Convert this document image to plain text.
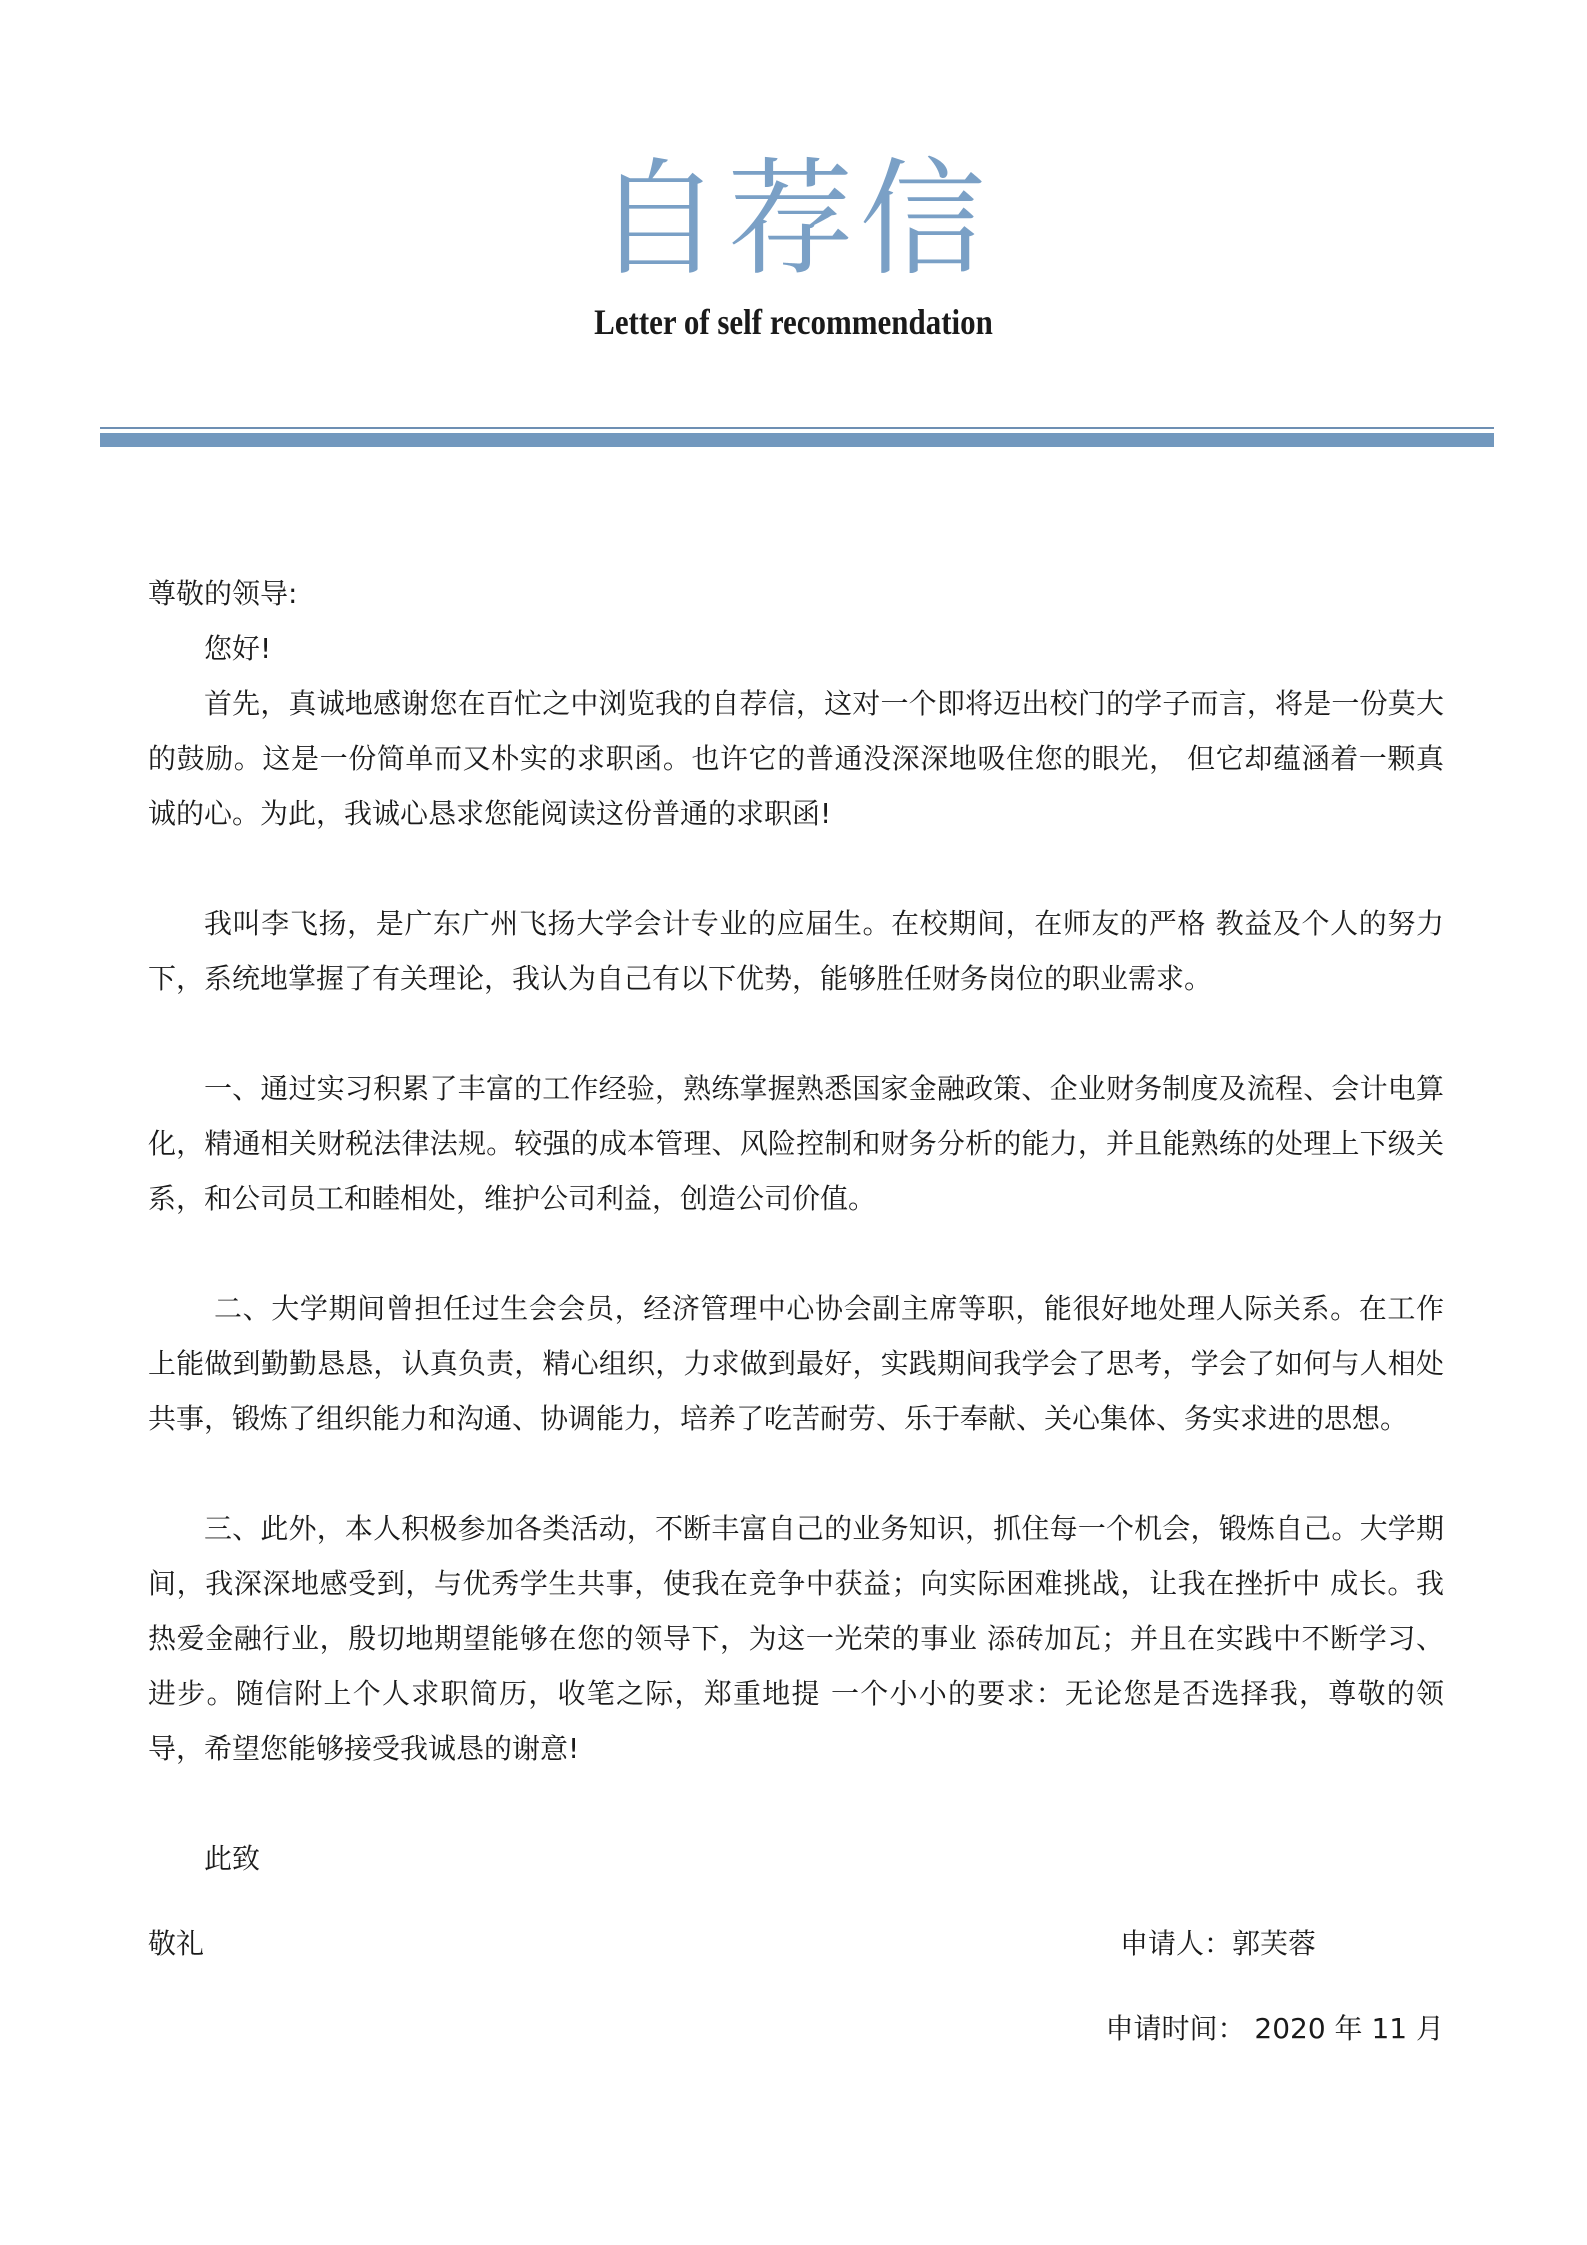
自荐信
Letter of self recommendation

尊敬的领导:

您好!

首先，真诚地感谢您在百忙之中浏览我的自荐信，这对一个即将迈出校门的学子而言，将是一份莫大的鼓励。这是一份简单而又朴实的求职函。也许它的普通没深深地吸住您的眼光， 但它却蕴涵着一颗真诚的心。为此，我诚心恳求您能阅读这份普通的求职函!

我叫李飞扬，是广东广州飞扬大学会计专业的应届生。在校期间，在师友的严格 教益及个人的努力下，系统地掌握了有关理论，我认为自己有以下优势，能够胜任财务岗位的职业需求。

一、通过实习积累了丰富的工作经验，熟练掌握熟悉国家金融政策、企业财务制度及流程、会计电算化，精通相关财税法律法规。较强的成本管理、风险控制和财务分析的能力，并且能熟练的处理上下级关系，和公司员工和睦相处，维护公司利益，创造公司价值。

二、大学期间曾担任过生会会员，经济管理中心协会副主席等职，能很好地处理人际关系。在工作上能做到勤勤恳恳，认真负责，精心组织，力求做到最好，实践期间我学会了思考，学会了如何与人相处共事，锻炼了组织能力和沟通、协调能力，培养了吃苦耐劳、乐于奉献、关心集体、务实求进的思想。

三、此外，本人积极参加各类活动，不断丰富自己的业务知识，抓住每一个机会，锻炼自己。大学期间，我深深地感受到，与优秀学生共事，使我在竞争中获益；向实际困难挑战，让我在挫折中 成长。我热爱金融行业，殷切地期望能够在您的领导下，为这一光荣的事业 添砖加瓦；并且在实践中不断学习、进步。随信附上个人求职简历，收笔之际，郑重地提 一个小小的要求：无论您是否选择我，尊敬的领导，希望您能够接受我诚恳的谢意!

此致

敬礼	申请人：郭芙蓉

申请时间： 2020 年 11 月
